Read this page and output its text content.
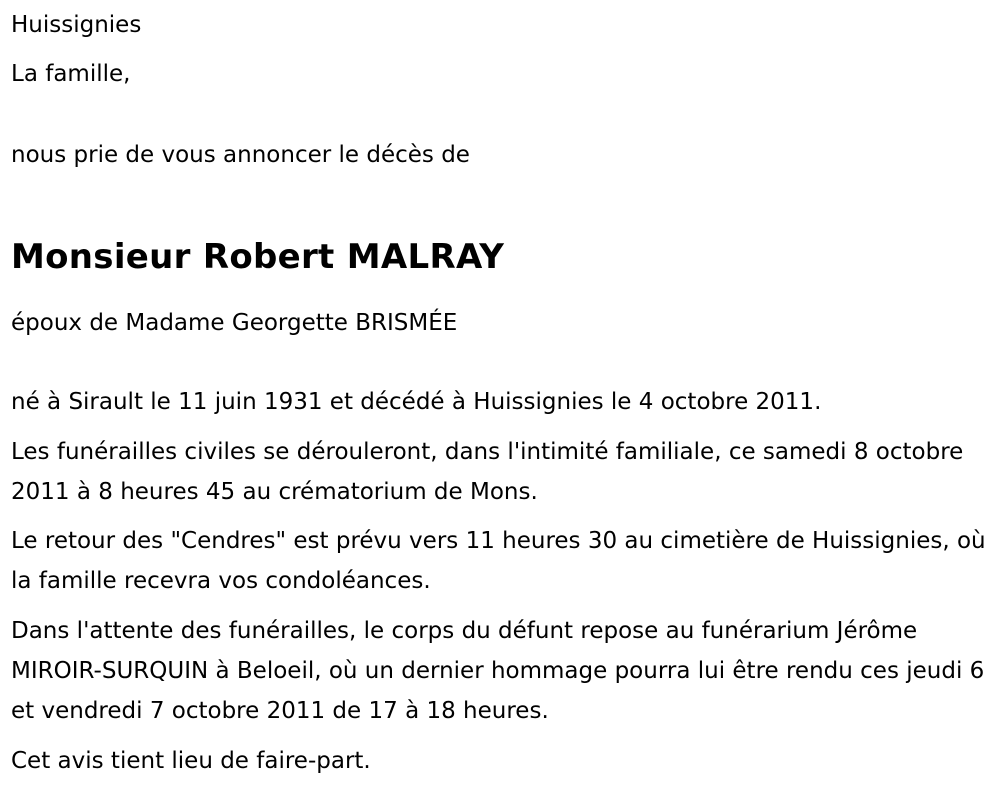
Huissignies

La famille,

nous prie de vous annoncer le décès de

Monsieur Robert MALRAY

époux de Madame Georgette BRISMÉE

né à Sirault le 11 juin 1931 et décédé à Huissignies le 4 octobre 2011.

Les funérailles civiles se dérouleront, dans l'intimité familiale, ce samedi 8 octobre 2011 à 8 heures 45 au crématorium de Mons.

Le retour des "Cendres" est prévu vers 11 heures 30 au cimetière de Huissignies, où la famille recevra vos condoléances.

Dans l'attente des funérailles, le corps du défunt repose au funérarium Jérôme MIROIR-SURQUIN à Beloeil, où un dernier hommage pourra lui être rendu ces jeudi 6 et vendredi 7 octobre 2011 de 17 à 18 heures.

Cet avis tient lieu de faire-part.
